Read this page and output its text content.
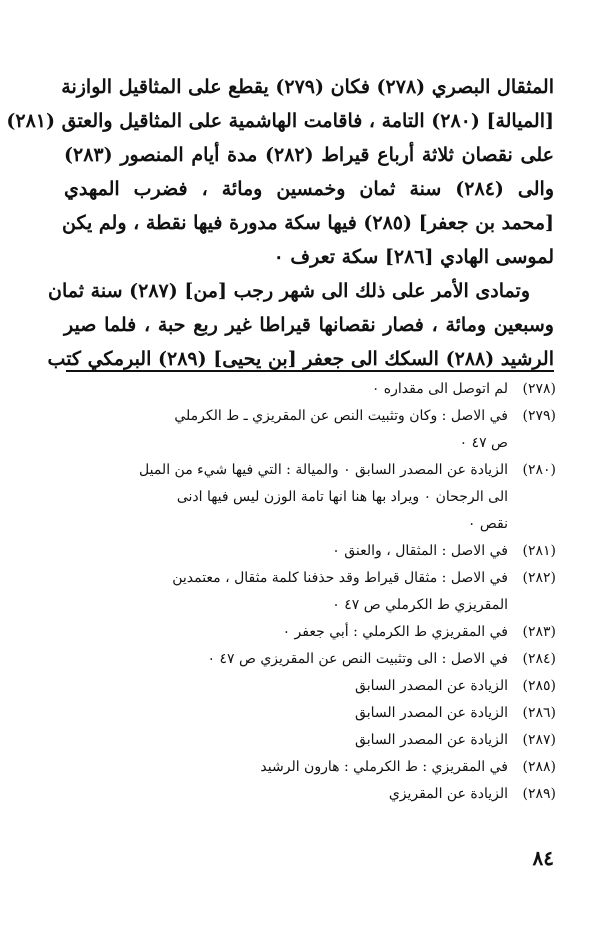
المثقال البصري (٢٧٨) فكان (٢٧٩) يقطع على المثاقيل الوازنة
[الميالة] (٢٨٠) التامة ، فاقامت الهاشمية على المثاقيل والعتق (٢٨١)
على نقصان ثلاثة أرباع قيراط (٢٨٢) مدة أيام المنصور (٢٨٣)
والى (٢٨٤) سنة ثمان وخمسين ومائة ، فضرب المهدي
[محمد بن جعفر] (٢٨٥) فيها سكة مدورة فيها نقطة ، ولم يكن
لموسى الهادي [٢٨٦] سكة تعرف ٠
وتمادى الأمر على ذلك الى شهر رجب [من] (٢٨٧) سنة ثمان
وسبعين ومائة ، فصار نقصانها قيراطا غير ربع حبة ، فلما صير
الرشيد (٢٨٨) السكك الى جعفر [بن يحيى] (٢٨٩) البرمكي كتب
(٢٧٨)
لم اتوصل الى مقداره ٠
(٢٧٩)
في الاصل : وكان وتثبيت النص عن المقريزي ـ ط الكرملي
ص ٤٧ ٠
(٢٨٠)
الزيادة عن المصدر السابق ٠ والميالة : التي فيها شيء من الميل
الى الرجحان ٠ ويراد بها هنا انها تامة الوزن ليس فيها ادنى
نقص ٠
(٢٨١)
في الاصل : المثقال ، والعنق ٠
(٢٨٢)
في الاصل : مثقال قيراط وقد حذفنا كلمة مثقال ، معتمدين
المقريزي ط الكرملي ص ٤٧ ٠
(٢٨٣)
في المقريزي ط الكرملي : أبي جعفر ٠
(٢٨٤)
في الاصل : الى وتثبيت النص عن المقريزي ص ٤٧ ٠
(٢٨٥)
الزيادة عن المصدر السابق
(٢٨٦)
الزيادة عن المصدر السابق
(٢٨٧)
الزيادة عن المصدر السابق
(٢٨٨)
في المقريزي : ط الكرملي : هارون الرشيد
(٢٨٩)
الزيادة عن المقريزي
٨٤
